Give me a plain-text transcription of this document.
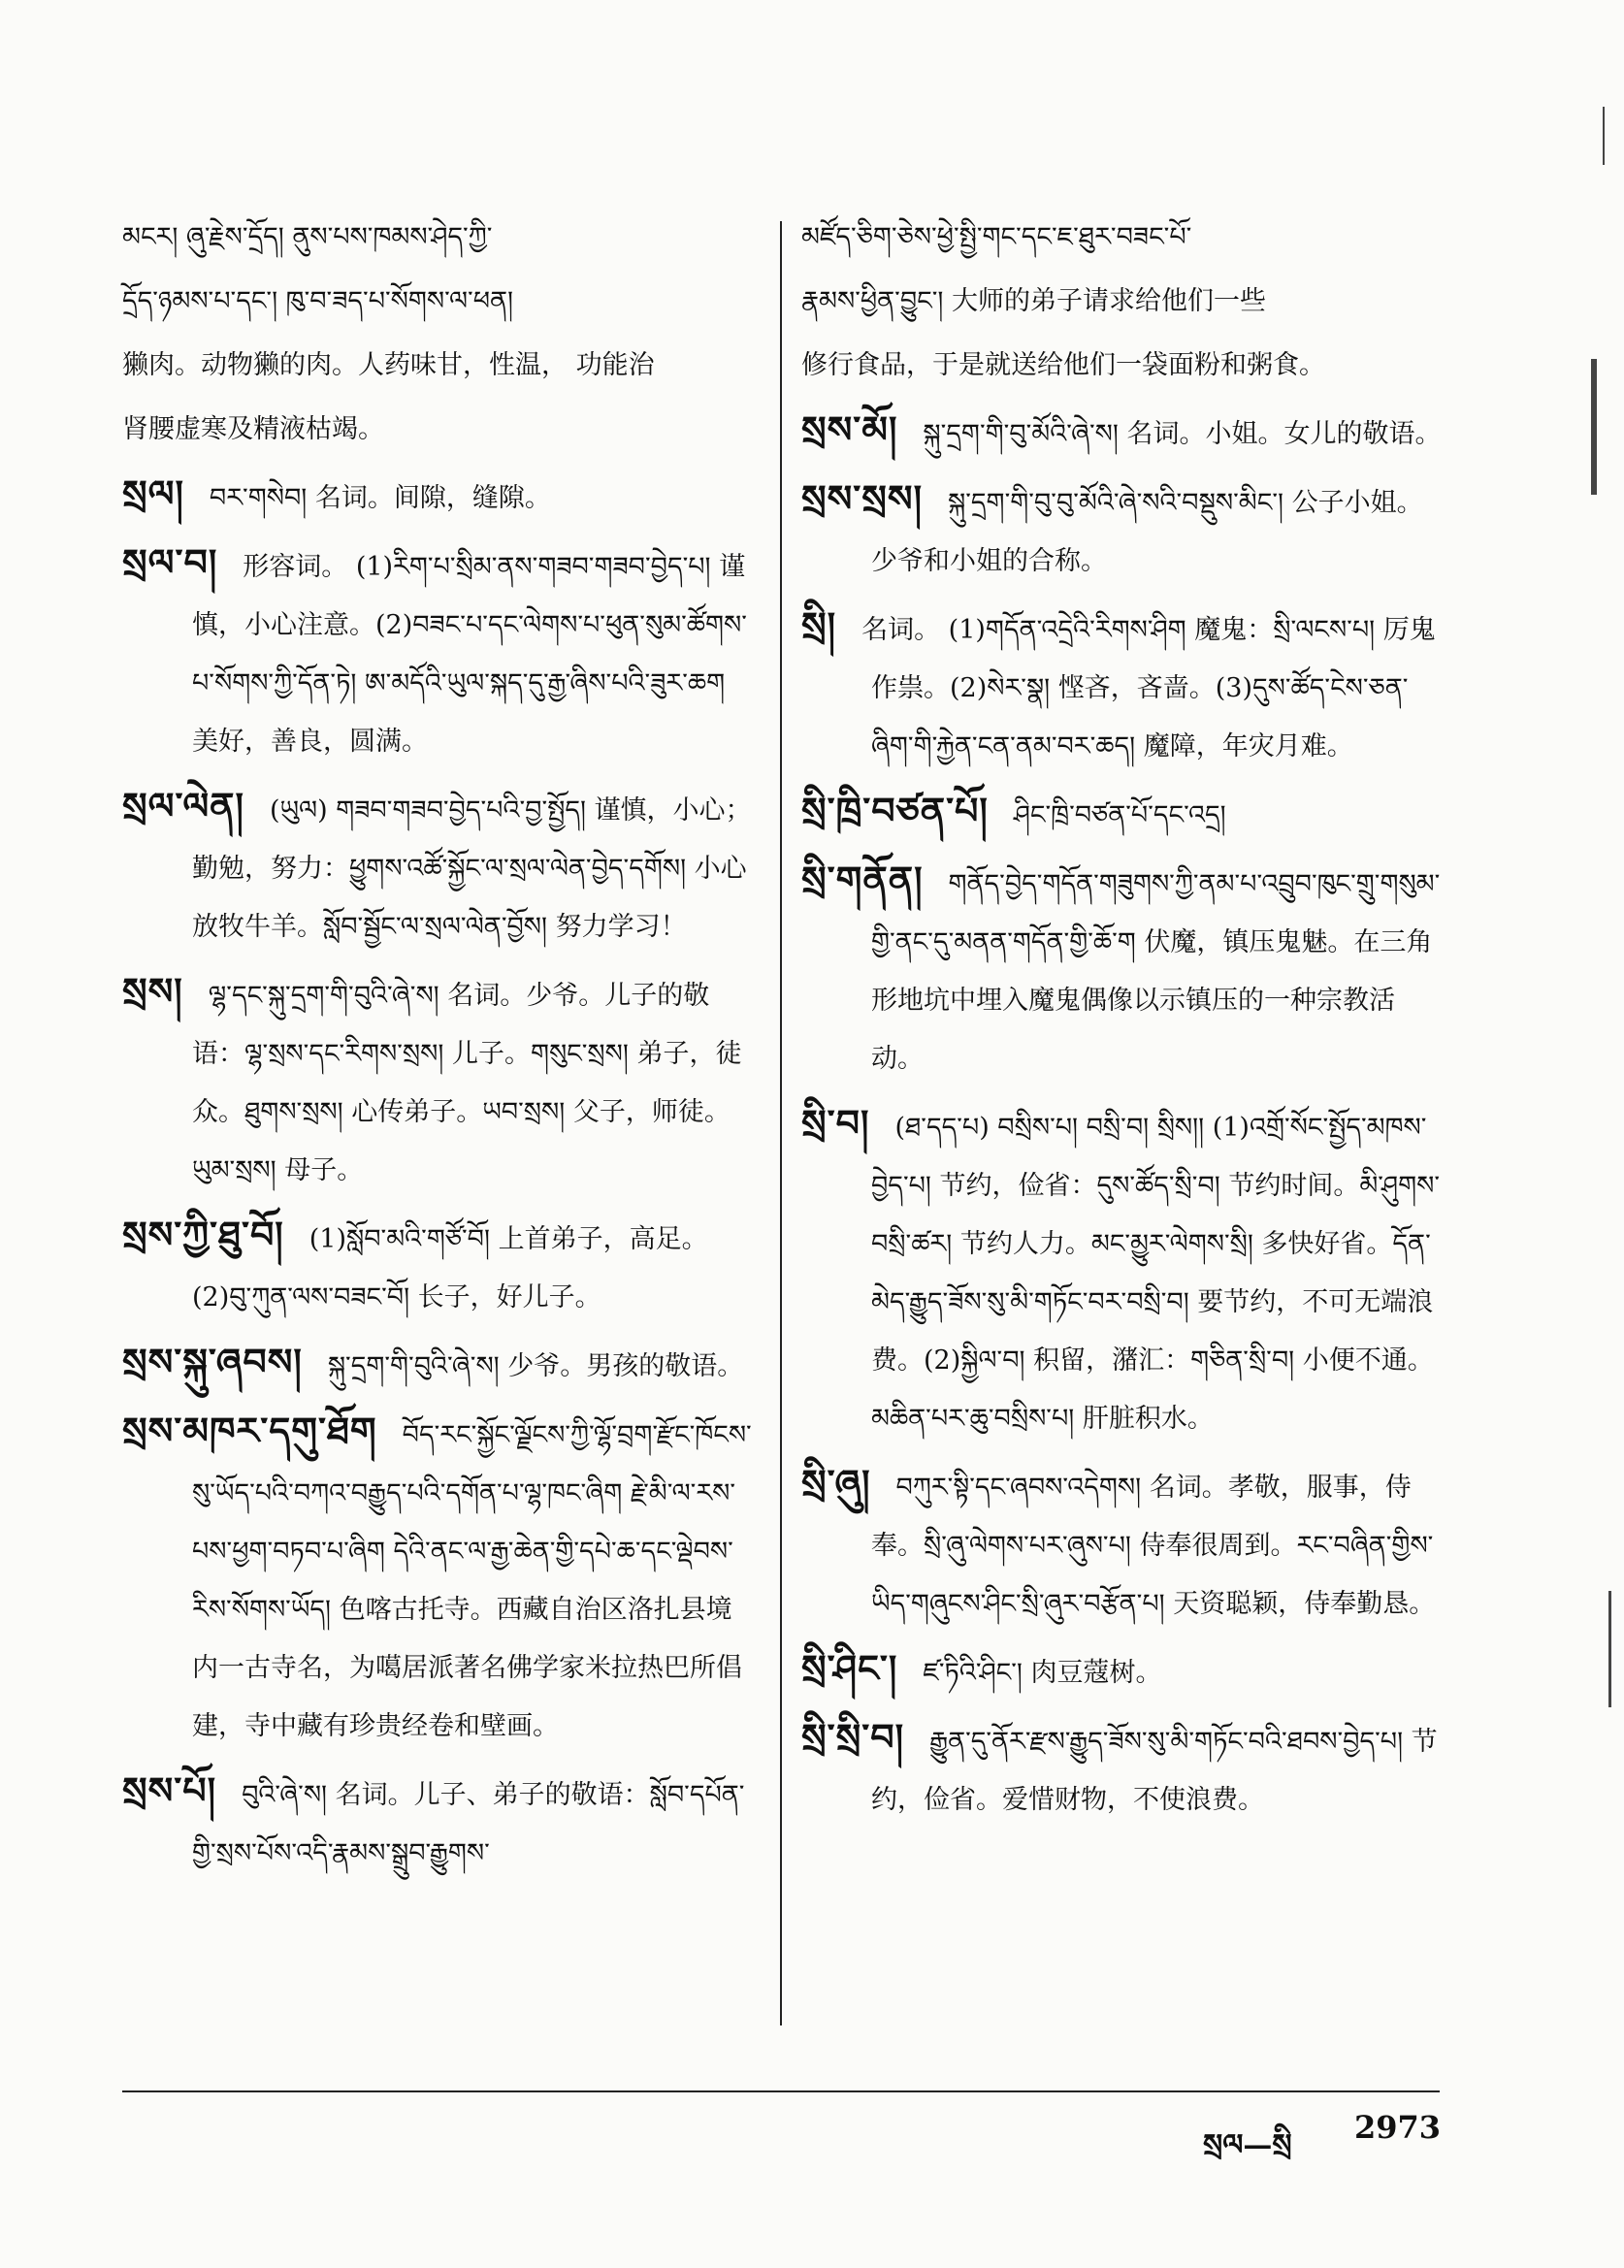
མངར། ཞུ་རྗེས་དྲོད། ནུས་པས་ཁམས་ཤེད་ཀྱི་
དྲོད་ཉམས་པ་དང་། ཁུ་བ་ཟད་པ་སོགས་ལ་ཕན།
獭肉。动物獭的肉。人药味甘，性温， 功能治
肾腰虚寒及精液枯竭。
སྲལ། བར་གསེབ། 名词。间隙，缝隙。
སྲལ་བ། 形容词。 (1)རིག་པ་སྲིམ་ནས་གཟབ་གཟབ་བྱེད་པ། 谨慎，小心注意。(2)བཟང་པ་དང་ལེགས་པ་ཕུན་སུམ་ཚོགས་པ་སོགས་ཀྱི་དོན་ཏེ། ཨ་མདོའི་ཡུལ་སྐད་དུ་རྒྱ་ཞིས་པའི་ཟུར་ཆག 美好，善良，圆满。
སྲལ་ལེན། (ཡུལ) གཟབ་གཟབ་བྱེད་པའི་བྱ་སྤྱོད། 谨慎，小心；勤勉，努力：ཕྱུགས་འཚོ་སྐྱོང་ལ་སྲལ་ལེན་བྱེད་དགོས། 小心放牧牛羊。སློབ་སྦྱོང་ལ་སྲལ་ལེན་བྱོས། 努力学习！
སྲས། ལྷ་དང་སྐུ་དྲག་གི་བུའི་ཞེ་ས། 名词。少爷。儿子的敬语：ལྷ་སྲས་དང་རིགས་སྲས། 儿子。གསུང་སྲས། 弟子，徒众。ཐུགས་སྲས། 心传弟子。ཡབ་སྲས། 父子，师徒。ཡུམ་སྲས། 母子。
སྲས་ཀྱི་ཐུ་བོ། (1)སློབ་མའི་གཙོ་བོ། 上首弟子，高足。(2)བུ་ཀུན་ལས་བཟང་བོ། 长子，好儿子。
སྲས་སྐུ་ཞབས། སྐུ་དྲག་གི་བུའི་ཞེ་ས། 少爷。男孩的敬语。
སྲས་མཁར་དགུ་ཐོག བོད་རང་སྐྱོང་ལྗོངས་ཀྱི་ལྷོ་བྲག་རྫོང་ཁོངས་སུ་ཡོད་པའི་བཀའ་བརྒྱུད་པའི་དགོན་པ་ལྷ་ཁང་ཞིག རྗེ་མི་ལ་རས་པས་ཕྱག་བཏབ་པ་ཞིག དེའི་ནང་ལ་རྒྱ་ཆེན་གྱི་དཔེ་ཆ་དང་ལྡེབས་རིས་སོགས་ཡོད། 色喀古托寺。西藏自治区洛扎县境内一古寺名，为噶居派著名佛学家米拉热巴所倡建，寺中藏有珍贵经卷和壁画。
སྲས་པོ། བུའི་ཞེ་ས། 名词。儿子、弟子的敬语：སློབ་དཔོན་གྱི་སྲས་པོས་འདི་རྣམས་སྒྲུབ་རྒྱུགས་
མཛོད་ཅིག་ཅེས་ཕྱེ་སྤྱི་གང་དང་ཇ་ཐུར་བཟང་པོ་
རྣམས་ཕྱིན་བྱུང་། 大师的弟子请求给他们一些
修行食品，于是就送给他们一袋面粉和粥食。
སྲས་མོ། སྐུ་དྲག་གི་བུ་མོའི་ཞེ་ས། 名词。小姐。女儿的敬语。
སྲས་སྲས། སྐུ་དྲག་གི་བུ་བུ་མོའི་ཞེ་སའི་བསྡུས་མིང་། 公子小姐。少爷和小姐的合称。
སྲི། 名词。 (1)གདོན་འདྲེའི་རིགས་ཤིག 魔鬼：སྲི་ལངས་པ། 厉鬼作祟。(2)སེར་སྣ། 悭吝，吝啬。(3)དུས་ཚོད་ངེས་ཅན་ཞིག་གི་རྐྱེན་ངན་ནམ་བར་ཆད། 魔障，年灾月难。
སྲི་ཁྲི་བཙན་པོ། ཤིང་ཁྲི་བཙན་པོ་དང་འདྲ།
སྲི་གནོན། གནོད་བྱེད་གདོན་གཟུགས་ཀྱི་ནམ་པ་འབྲུབ་ཁུང་གྲུ་གསུམ་གྱི་ནང་དུ་མནན་གདོན་གྱི་ཆོ་ག 伏魔，镇压鬼魅。在三角形地坑中埋入魔鬼偶像以示镇压的一种宗教活动。
སྲི་བ། (ཐ་དད་པ) བསྲིས་པ། བསྲི་བ། སྲིས།། (1)འགྲོ་སོང་སྤྱོད་མཁས་བྱེད་པ། 节约，俭省：དུས་ཚོད་སྲི་བ། 节约时间。མི་ཤུགས་བསྲི་ཚར། 节约人力。མང་མྱུར་ལེགས་སྲི། 多快好省。དོན་མེད་རྒྱུད་ཟོས་སུ་མི་གཏོང་བར་བསྲི་བ། 要节约，不可无端浪费。(2)སྐྱིལ་བ། 积留，潴汇：གཅིན་སྲི་བ། 小便不通。མཆིན་པར་ཆུ་བསྲིས་པ། 肝脏积水。
སྲི་ཞུ། བཀུར་སྟི་དང་ཞབས་འདེགས། 名词。孝敬，服事，侍奉。སྲི་ཞུ་ལེགས་པར་ཞུས་པ། 侍奉很周到。རང་བཞིན་གྱིས་ཡིད་གཞུངས་ཤིང་སྲི་ཞུར་བརྩོན་པ། 天资聪颖，侍奉勤恳。
སྲི་ཤིང་། ཛ་ཏིའི་ཤིང་། 肉豆蔻树。
སྲི་སྲི་བ། རྒྱུན་དུ་ནོར་རྫས་རྒྱུད་ཟོས་སུ་མི་གཏོང་བའི་ཐབས་བྱེད་པ། 节约，俭省。爱惜财物，不使浪费。
སྲལ—སྲི 2973
